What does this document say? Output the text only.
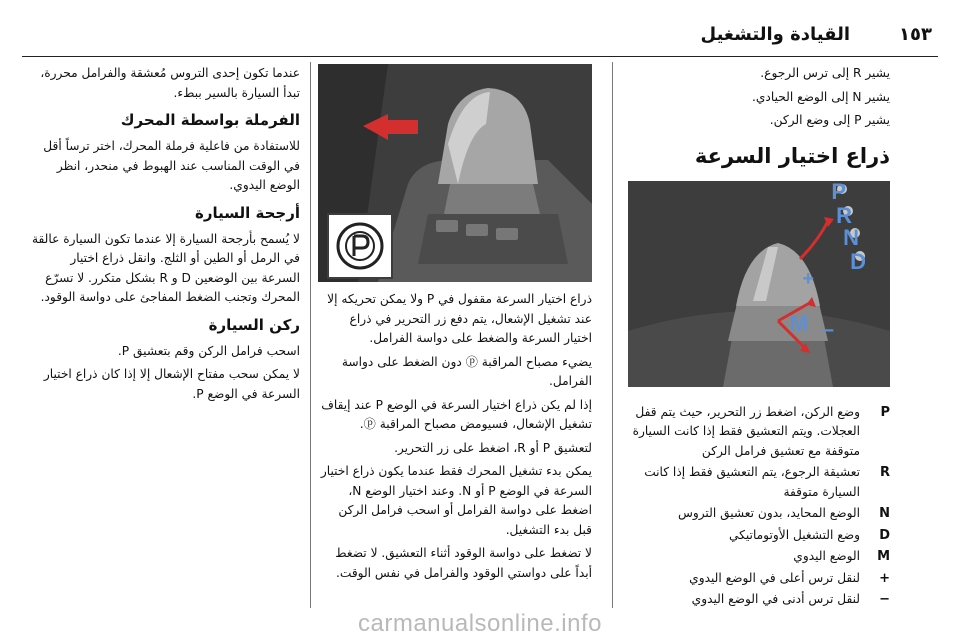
١٥٣
القيادة والتشغيل

يشير R إلى ترس الرجوع.

يشير N إلى الوضع الحيادي.

يشير P إلى وضع الركن.

ذراع اختيار السرعة
P
R
N
D
+
M −
P
وضع الركن، اضغط زر التحرير، حيث يتم قفل العجلات. ويتم التعشيق فقط إذا كانت السيارة متوقفة مع تعشيق فرامل الركن
R
تعشيقة الرجوع، يتم التعشيق فقط إذا كانت السيارة متوقفة
N
الوضع المحايد، بدون تعشيق التروس
D
وضع التشغيل الأوتوماتيكي
M
الوضع اليدوي
+
لنقل ترس أعلى في الوضع اليدوي
−
لنقل ترس أدنى في الوضع اليدوي

ذراع اختيار السرعة مقفول في P ولا يمكن تحريكه إلا عند تشغيل الإشعال، يتم دفع زر التحرير في ذراع اختيار السرعة والضغط على دواسة الفرامل.

يضيء مصباح المراقبة ⓟ دون الضغط على دواسة الفرامل.

إذا لم يكن ذراع اختيار السرعة في الوضع P عند إيقاف تشغيل الإشعال، فسيومض مصباح المراقبة ⓟ.

لتعشيق P أو R، اضغط على زر التحرير.

يمكن بدء تشغيل المحرك فقط عندما يكون ذراع اختيار السرعة في الوضع P أو N. وعند اختيار الوضع N، اضغط على دواسة الفرامل أو اسحب فرامل الركن قبل بدء التشغيل.

لا تضغط على دواسة الوقود أثناء التعشيق. لا تضغط أبداً على دواستي الوقود والفرامل في نفس الوقت.

عندما تكون إحدى التروس مُعشقة والفرامل محررة، تبدأ السيارة بالسير ببطء.

الفرملة بواسطة المحرك

للاستفادة من فاعلية فرملة المحرك، اختر ترساً أقل في الوقت المناسب عند الهبوط في منحدر، انظر الوضع اليدوي.

أرجحة السيارة

لا يُسمح بأرجحة السيارة إلا عندما تكون السيارة عالقة في الرمل أو الطين أو الثلج. وانقل ذراع اختيار السرعة بين الوضعين D و R بشكل متكرر. لا تسرّع المحرك وتجنب الضغط المفاجئ على دواسة الوقود.

ركن السيارة

اسحب فرامل الركن وقم بتعشيق P.

لا يمكن سحب مفتاح الإشعال إلا إذا كان ذراع اختيار السرعة في الوضع P.

carmanualsonline.info
